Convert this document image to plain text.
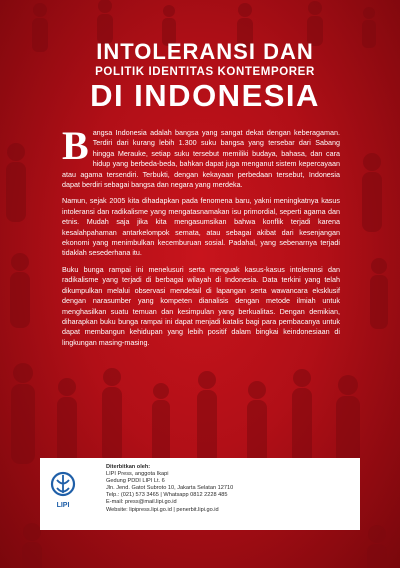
INTOLERANSI DAN
POLITIK IDENTITAS KONTEMPORER
DI INDONESIA

Bangsa Indonesia adalah bangsa yang sangat dekat dengan keberagaman. Terdiri dari kurang lebih 1.300 suku bangsa yang tersebar dari Sabang hingga Merauke, setiap suku tersebut memiliki budaya, bahasa, dan cara hidup yang berbeda-beda, bahkan dapat juga menganut sistem kepercayaan atau agama tersendiri. Terbukti, dengan kekayaan perbedaan tersebut, Indonesia dapat berdiri sebagai bangsa dan negara yang merdeka.

Namun, sejak 2005 kita dihadapkan pada fenomena baru, yakni meningkatnya kasus intoleransi dan radikalisme yang mengatasnamakan isu primordial, seperti agama dan etnis. Mudah saja jika kita mengasumsikan bahwa konflik terjadi karena kesalahpahaman antarkelompok semata, atau sebagai akibat dari kesenjangan ekonomi yang menimbulkan kecemburuan sosial. Padahal, yang sebenarnya terjadi tidaklah sesederhana itu.

Buku bunga rampai ini menelusuri serta menguak kasus-kasus intoleransi dan radikalisme yang terjadi di berbagai wilayah di Indonesia. Data terkini yang telah dikumpulkan melalui observasi mendetail di lapangan serta wawancara eksklusif dengan narasumber yang kompeten dianalisis dengan metode ilmiah untuk menghasilkan suatu temuan dan kesimpulan yang berkualitas. Dengan demikian, diharapkan buku bunga rampai ini dapat menjadi katalis bagi para pembacanya untuk dapat membangun kehidupan yang lebih positif dalam bingkai keindonesiaan di lingkungan masing-masing.

LIPI
Diterbitkan oleh:
LIPI Press, anggota Ikapi
Gedung PDDI LIPI Lt. 6
Jln. Jend. Gatot Subroto 10, Jakarta Selatan 12710
Telp.: (021) 573 3465 | Whatsapp 0812 2228 485
E-mail: press@mail.lipi.go.id
Website: lipipress.lipi.go.id | penerbit.lipi.go.id
